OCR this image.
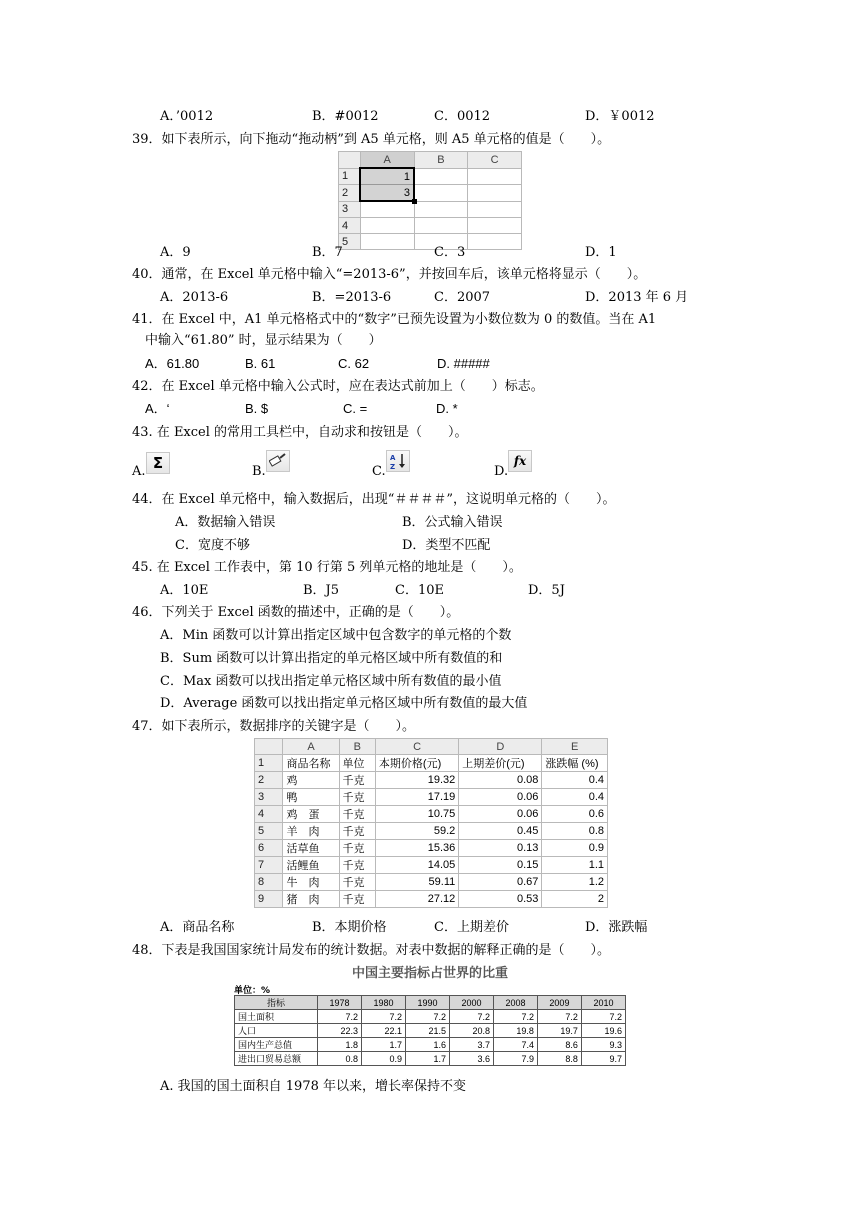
A．’0012	B．#0012	C．0012	D．￥0012
39．如下表所示，向下拖动“拖动柄”到 A5 单元格，则 A5 单元格的值是（　　）。
	A	B	C
1	1		
2	3

3			
4			
5			
A．9	B．7	C．3	D．1
40．通常，在 Excel 单元格中输入“=2013-6”，并按回车后，该单元格将显示（　　）。
A．2013-6	B．=2013-6	C．2007	D．2013 年 6 月
41．在 Excel 中，A1 单元格格式中的“数字”已预先设置为小数位数为 0 的数值。当在 A1
中输入“61.80” 时，显示结果为（　　）
A．61.80	B. 61	C. 62	D. #####
42．在 Excel 单元格中输入公式时，应在表达式前加上（　　）标志。
A．‘	B. $	C. =	D. *
43. 在 Excel 的常用工具栏中，自动求和按钮是（　　）。
A. Σ	B.	C.
A
Z	D.
fx
44．在 Excel 单元格中，输入数据后，出现“＃＃＃＃”，这说明单元格的（　　）。
A．数据输入错误	B．公式输入错误
C．宽度不够	D．类型不匹配
45. 在 Excel 工作表中，第 10 行第 5 列单元格的地址是（　　）。
A．10E	B．J5	C．10E	D．5J
46．下列关于 Excel 函数的描述中，正确的是（　　）。
A．Min 函数可以计算出指定区域中包含数字的单元格的个数
B．Sum 函数可以计算出指定的单元格区域中所有数值的和
C．Max 函数可以找出指定单元格区域中所有数值的最小值
D．Average 函数可以找出指定单元格区域中所有数值的最大值
47．如下表所示，数据排序的关键字是（　　）。
	A	B	C	D	E
1	商品名称	单位	本期价格(元)	上期差价(元)	涨跌幅 (%)
2	鸡	千克	19.32	0.08	0.4
3	鸭	千克	17.19	0.06	0.4
4	鸡　蛋	千克	10.75	0.06	0.6
5	羊　肉	千克	59.2	0.45	0.8
6	活草鱼	千克	15.36	0.13	0.9
7	活鲤鱼	千克	14.05	0.15	1.1
8	牛　肉	千克	59.11	0.67	1.2
9	猪　肉	千克	27.12	0.53	2
A．商品名称	B．本期价格	C．上期差价	D．涨跌幅
48．下表是我国国家统计局发布的统计数据。对表中数据的解释正确的是（　　）。
中国主要指标占世界的比重
单位：%
指标	1978	1980	1990	2000	2008	2009	2010
国土面积	7.2	7.2	7.2	7.2	7.2	7.2	7.2
人口	22.3	22.1	21.5	20.8	19.8	19.7	19.6
国内生产总值	1.8	1.7	1.6	3.7	7.4	8.6	9.3
进出口贸易总额	0.8	0.9	1.7	3.6	7.9	8.8	9.7
A. 我国的国土面积自 1978 年以来，增长率保持不变
